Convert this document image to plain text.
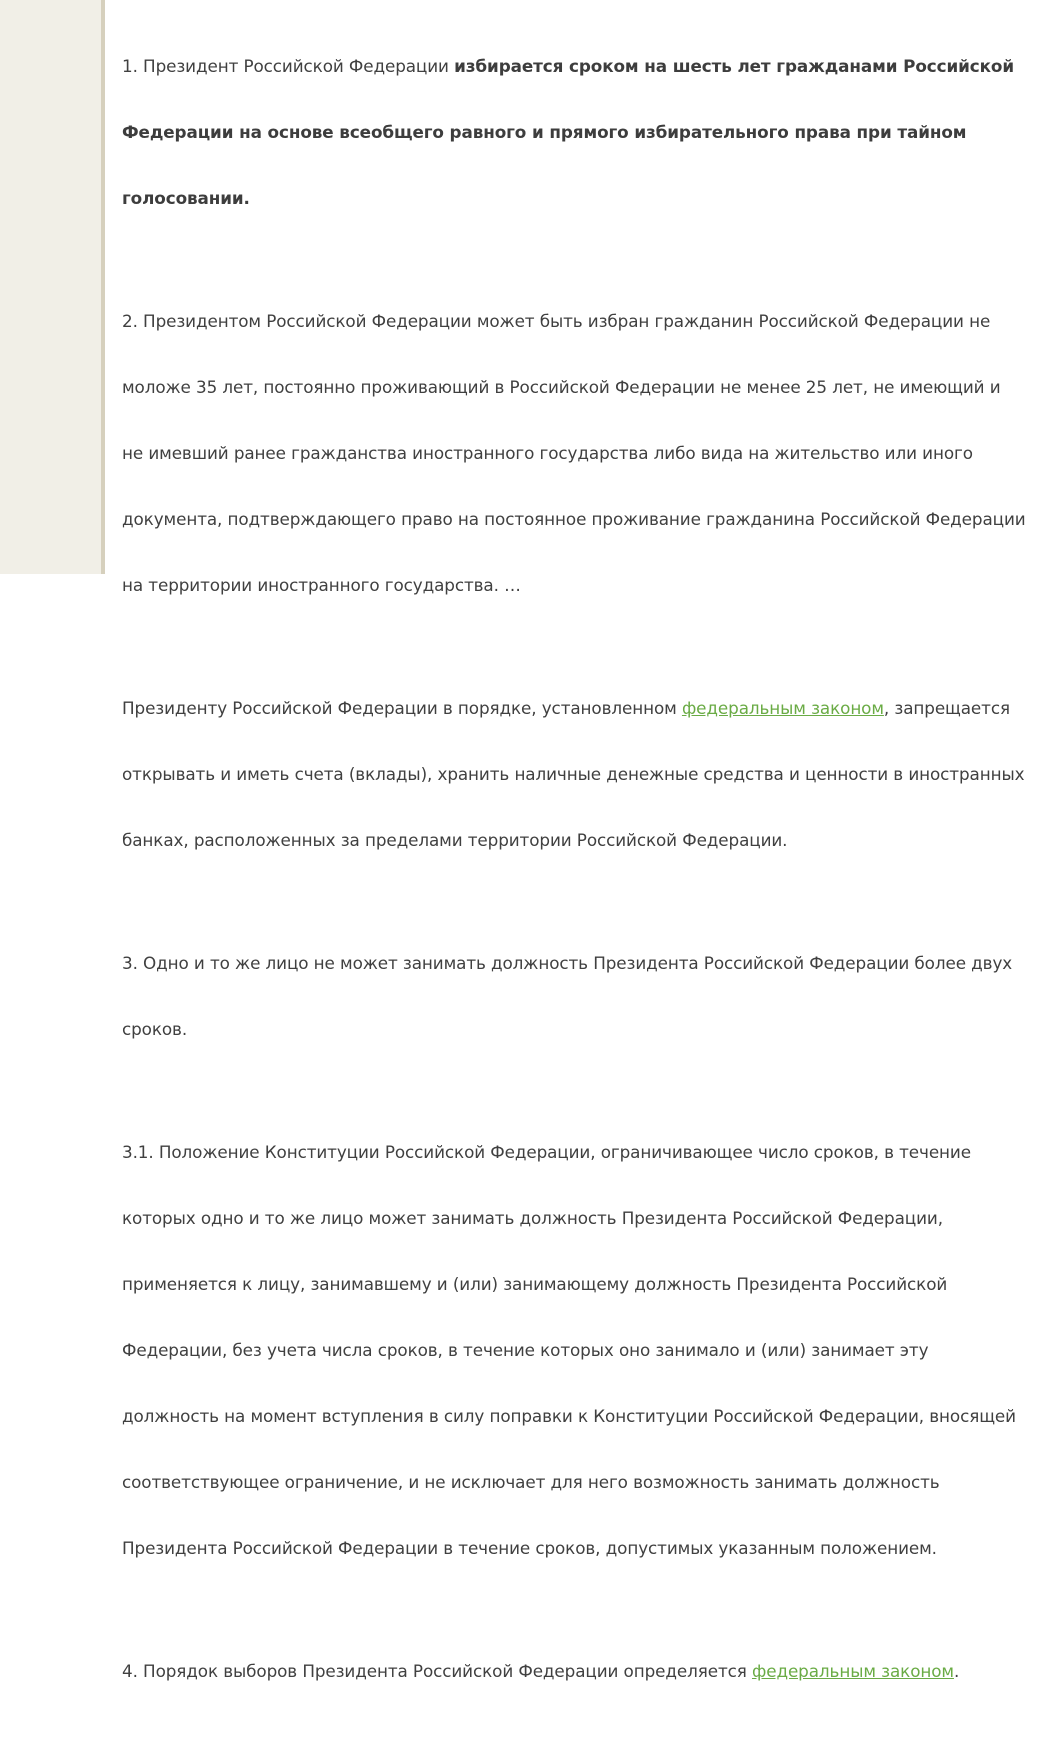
1. Президент Российской Федерации избирается сроком на шесть лет гражданами Российской

Федерации на основе всеобщего равного и прямого избирательного права при тайном

голосовании.

2. Президентом Российской Федерации может быть избран гражданин Российской Федерации не

моложе 35 лет, постоянно проживающий в Российской Федерации не менее 25 лет, не имеющий и

не имевший ранее гражданства иностранного государства либо вида на жительство или иного

документа, подтверждающего право на постоянное проживание гражданина Российской Федерации

на территории иностранного государства. …

Президенту Российской Федерации в порядке, установленном федеральным законом, запрещается

открывать и иметь счета (вклады), хранить наличные денежные средства и ценности в иностранных

банках, расположенных за пределами территории Российской Федерации.

3. Одно и то же лицо не может занимать должность Президента Российской Федерации более двух

сроков.

3.1. Положение Конституции Российской Федерации, ограничивающее число сроков, в течение

которых одно и то же лицо может занимать должность Президента Российской Федерации,

применяется к лицу, занимавшему и (или) занимающему должность Президента Российской

Федерации, без учета числа сроков, в течение которых оно занимало и (или) занимает эту

должность на момент вступления в силу поправки к Конституции Российской Федерации, вносящей

соответствующее ограничение, и не исключает для него возможность занимать должность

Президента Российской Федерации в течение сроков, допустимых указанным положением.

4. Порядок выборов Президента Российской Федерации определяется федеральным законом.
